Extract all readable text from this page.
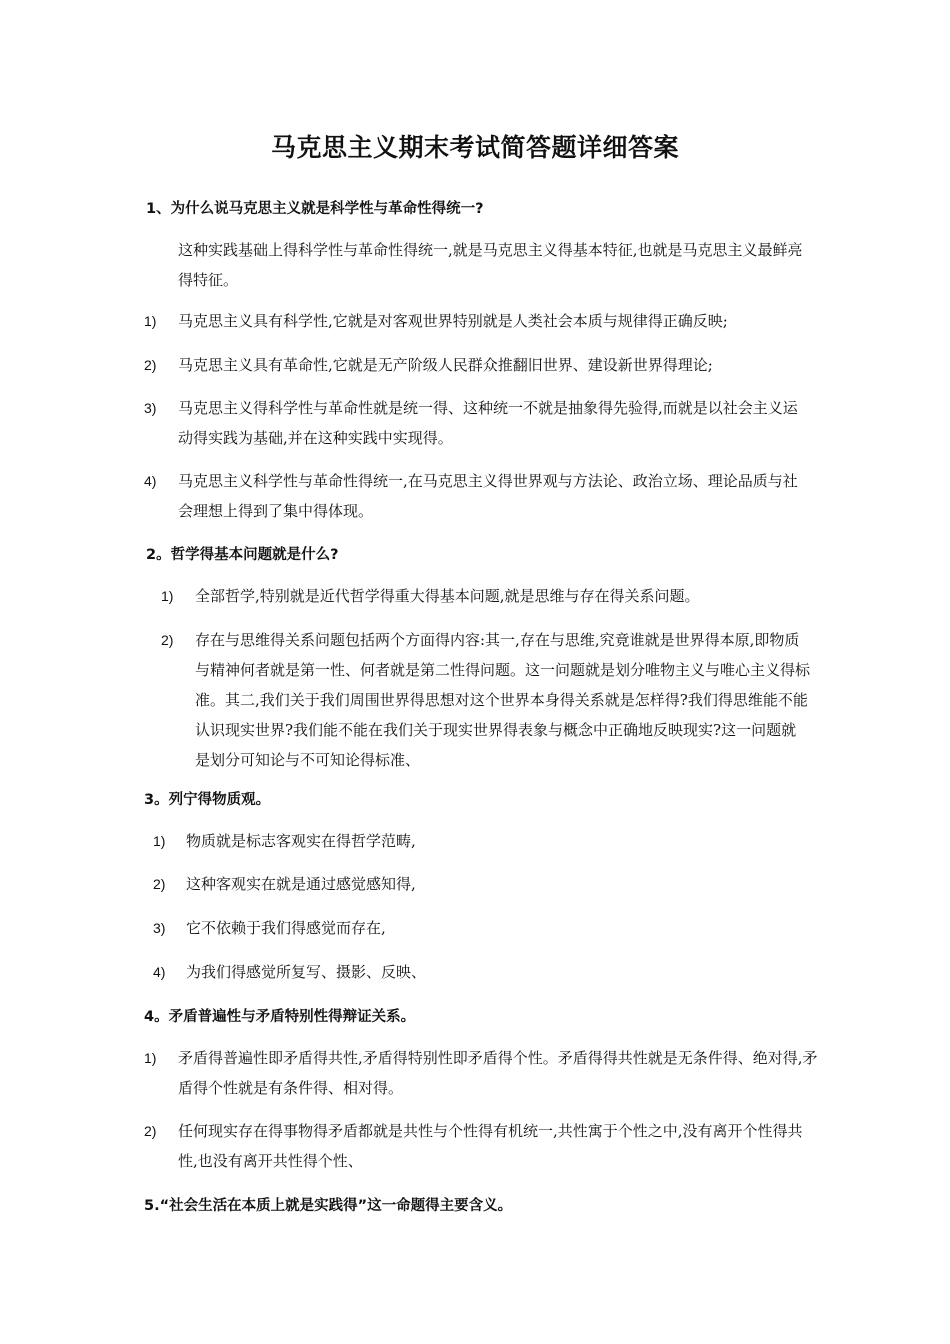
马克思主义期末考试简答题详细答案
1、为什么说马克思主义就是科学性与革命性得统一?
这种实践基础上得科学性与革命性得统一,就是马克思主义得基本特征,也就是马克思主义最鲜亮得特征。
1) 马克思主义具有科学性,它就是对客观世界特别就是人类社会本质与规律得正确反映;
2) 马克思主义具有革命性,它就是无产阶级人民群众推翻旧世界、建设新世界得理论;
3) 马克思主义得科学性与革命性就是统一得、这种统一不就是抽象得先验得,而就是以社会主义运动得实践为基础,并在这种实践中实现得。
4) 马克思主义科学性与革命性得统一,在马克思主义得世界观与方法论、政治立场、理论品质与社会理想上得到了集中得体现。
2。哲学得基本问题就是什么?
1) 全部哲学,特别就是近代哲学得重大得基本问题,就是思维与存在得关系问题。
2) 存在与思维得关系问题包括两个方面得内容:其一,存在与思维,究竟谁就是世界得本原,即物质与精神何者就是第一性、何者就是第二性得问题。这一问题就是划分唯物主义与唯心主义得标准。其二,我们关于我们周围世界得思想对这个世界本身得关系就是怎样得?我们得思维能不能认识现实世界?我们能不能在我们关于现实世界得表象与概念中正确地反映现实?这一问题就是划分可知论与不可知论得标准、
3。列宁得物质观。
1) 物质就是标志客观实在得哲学范畴,
2) 这种客观实在就是通过感觉感知得,
3) 它不依赖于我们得感觉而存在,
4) 为我们得感觉所复写、摄影、反映、
4。矛盾普遍性与矛盾特别性得辩证关系。
1) 矛盾得普遍性即矛盾得共性,矛盾得特别性即矛盾得个性。矛盾得得共性就是无条件得、绝对得,矛盾得个性就是有条件得、相对得。
2) 任何现实存在得事物得矛盾都就是共性与个性得有机统一,共性寓于个性之中,没有离开个性得共性,也没有离开共性得个性、
5.“社会生活在本质上就是实践得”这一命题得主要含义。
